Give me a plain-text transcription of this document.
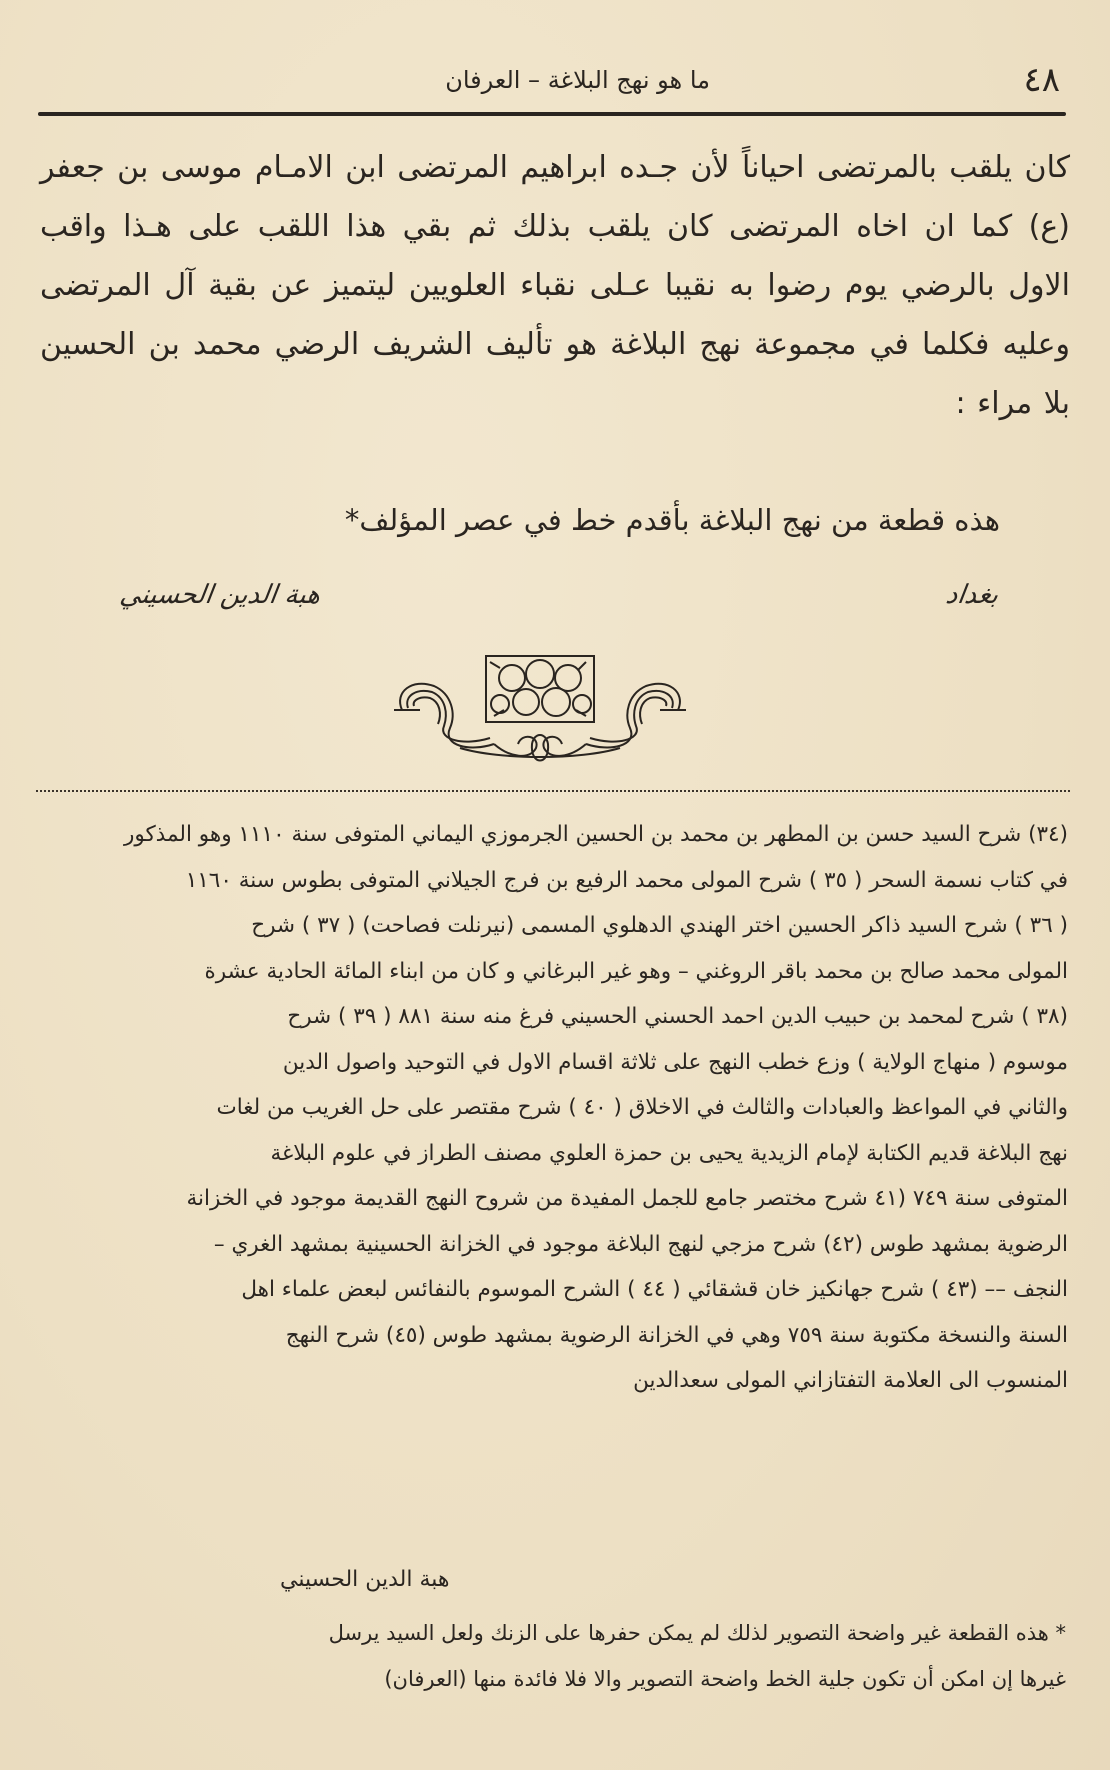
٤٨
ما هو نهج البلاغة – العرفان

كان يلقب بالمرتضى احياناً لأن جـده ابراهيم المرتضى ابن الامـام موسى بن جعفر (ع) كما ان اخاه المرتضى كان يلقب بذلك ثم بقي هذا اللقب على هـذا واقب الاول بالرضي يوم رضوا به نقيبا عـلى نقباء العلويين ليتميز عن بقية آل المرتضى وعليه فكلما في مجموعة نهج البلاغة هو تأليف الشريف الرضي محمد بن الحسين بلا مراء :

هذه قطعة من نهج البلاغة بأقدم خط في عصر المؤلف*
بغداد
هبة الدين الحسيني

(٣٤) شرح السيد حسن بن المطهر بن محمد بن الحسين الجرموزي اليماني المتوفى سنة ١١١٠ وهو المذكور

في كتاب نسمة السحر ( ٣٥ ) شرح المولى محمد الرفيع بن فرج الجيلاني المتوفى بطوس سنة ١١٦٠

( ٣٦ ) شرح السيد ذاكر الحسين اختر الهندي الدهلوي المسمى (نيرنلت فصاحت) ( ٣٧ ) شرح

المولى محمد صالح بن محمد باقر الروغني – وهو غير البرغاني و كان من ابناء المائة الحادية عشرة

(٣٨ ) شرح لمحمد بن حبيب الدين احمد الحسني الحسيني فرغ منه سنة ٨٨١ ( ٣٩ ) شرح

موسوم ( منهاج الولاية ) وزع خطب النهج على ثلاثة اقسام الاول في التوحيد واصول الدين

والثاني في المواعظ والعبادات والثالث في الاخلاق ( ٤٠ ) شرح مقتصر على حل الغريب من لغات

نهج البلاغة قديم الكتابة لإمام الزيدية يحيى بن حمزة العلوي مصنف الطراز في علوم البلاغة

المتوفى سنة ٧٤٩ (٤١ شرح مختصر جامع للجمل المفيدة من شروح النهج القديمة موجود في الخزانة

الرضوية بمشهد طوس (٤٢) شرح مزجي لنهج البلاغة موجود في الخزانة الحسينية بمشهد الغري –

النجف –– (٤٣ ) شرح جهانكيز خان قشقائي ( ٤٤ ) الشرح الموسوم بالنفائس لبعض علماء اهل

السنة والنسخة مكتوبة سنة ٧٥٩ وهي في الخزانة الرضوية بمشهد طوس (٤٥) شرح النهج

المنسوب الى العلامة التفتازاني المولى سعدالدين

هبة الدين الحسيني

* هذه القطعة غير واضحة التصوير لذلك لم يمكن حفرها على الزنك ولعل السيد يرسل

غيرها إن امكن أن تكون جلية الخط واضحة التصوير والا فلا فائدة منها (العرفان)
